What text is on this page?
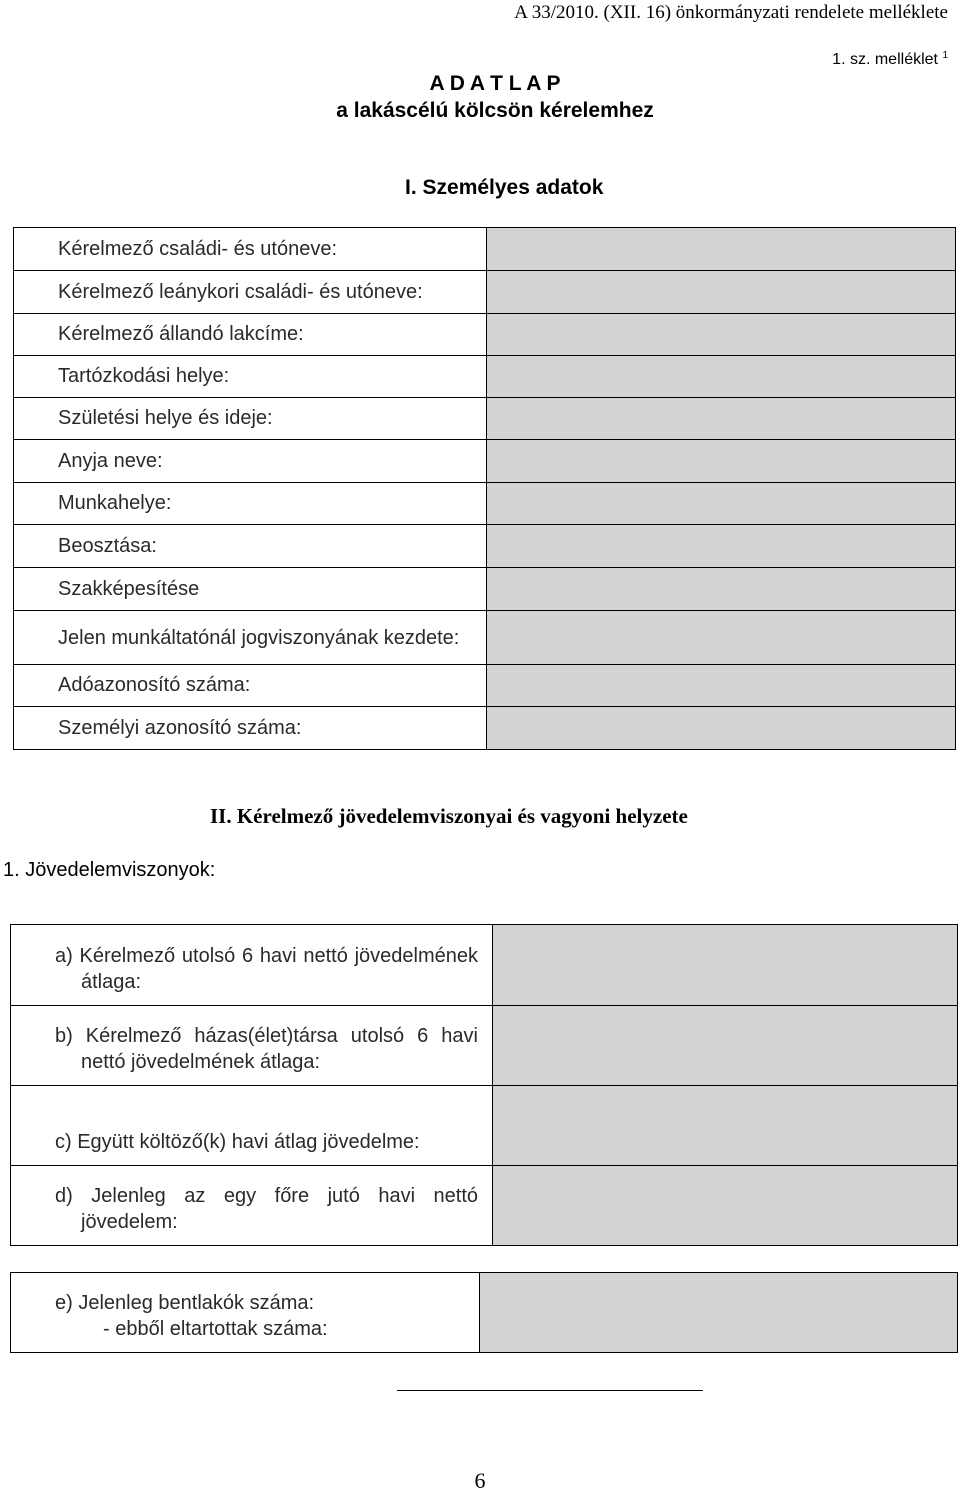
A 33/2010. (XII. 16) önkormányzati rendelete melléklete
1. sz. melléklet $^1$
A D A T L A P
a lakáscélú kölcsön kérelemhez
I. Személyes adatok
Kérelmező családi- és utóneve:	
Kérelmező leánykori családi- és utóneve:	
Kérelmező állandó lakcíme:	
Tartózkodási helye:	
Születési helye és ideje:	
Anyja neve:	
Munkahelye:	
Beosztása:	
Szakképesítése	
Jelen munkáltatónál jogviszonyának kezdete:	
Adóazonosító száma:	
Személyi azonosító száma:	
II. Kérelmező jövedelemviszonyai és vagyoni helyzete
1. Jövedelemviszonyok:
a) Kérelmező utolsó 6 havi nettó jövedelmének átlaga:	

b) Kérelmező házas(élet)társa utolsó 6 havi nettó jövedelmének átlaga:	

c) Együtt költöző(k) havi átlag jövedelme:	

d) Jelenleg az egy főre jutó havi nettó jövedelem:	

e) Jelenleg bentlakók száma:
- ebből eltartottak száma:

6
